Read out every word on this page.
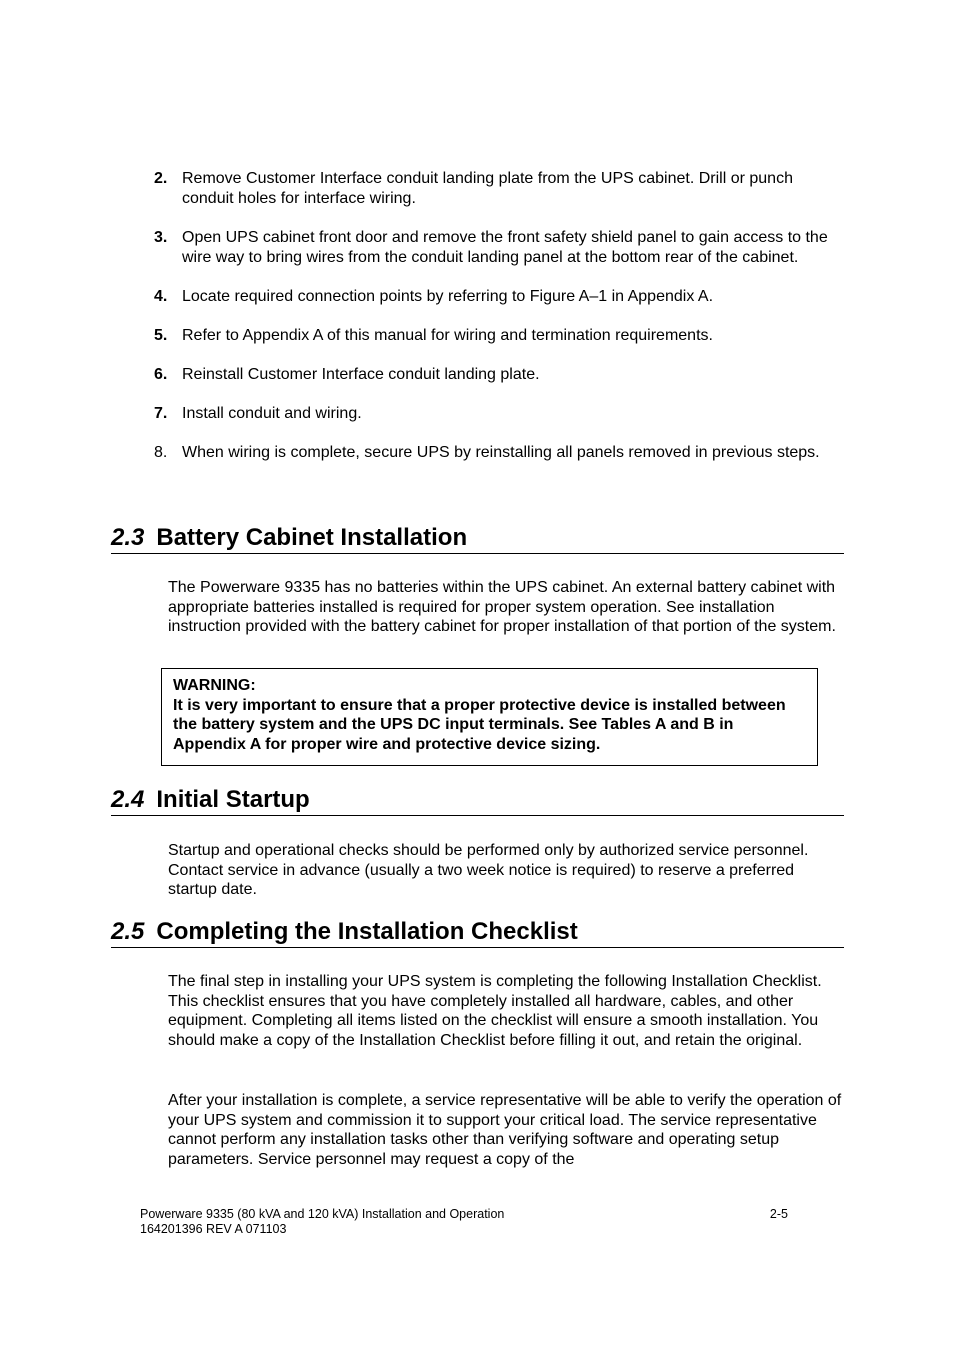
2. Remove Customer Interface conduit landing plate from the UPS cabinet. Drill or punch conduit holes for interface wiring.
3. Open UPS cabinet front door and remove the front safety shield panel to gain access to the wire way to bring wires from the conduit landing panel at the bottom rear of the cabinet.
4. Locate required connection points by referring to Figure A–1 in Appendix A.
5. Refer to Appendix A of this manual for wiring and termination requirements.
6. Reinstall Customer Interface conduit landing plate.
7. Install conduit and wiring.
8. When wiring is complete, secure UPS by reinstalling all panels removed in previous steps.
2.3 Battery Cabinet Installation
The Powerware 9335 has no batteries within the UPS cabinet. An external battery cabinet with appropriate batteries installed is required for proper system operation. See installation instruction provided with the battery cabinet for proper installation of that portion of the system.
WARNING:
It is very important to ensure that a proper protective device is installed between the battery system and the UPS DC input terminals. See Tables A and B in Appendix A for proper wire and protective device sizing.
2.4 Initial Startup
Startup and operational checks should be performed only by authorized service personnel. Contact service in advance (usually a two week notice is required) to reserve a preferred startup date.
2.5 Completing the Installation Checklist
The final step in installing your UPS system is completing the following Installation Checklist. This checklist ensures that you have completely installed all hardware, cables, and other equipment. Completing all items listed on the checklist will ensure a smooth installation. You should make a copy of the Installation Checklist before filling it out, and retain the original.
After your installation is complete, a service representative will be able to verify the operation of your UPS system and commission it to support your critical load. The service representative cannot perform any installation tasks other than verifying software and operating setup parameters. Service personnel may request a copy of the
Powerware 9335 (80 kVA and 120 kVA) Installation and Operation	2-5
164201396 REV A 071103
